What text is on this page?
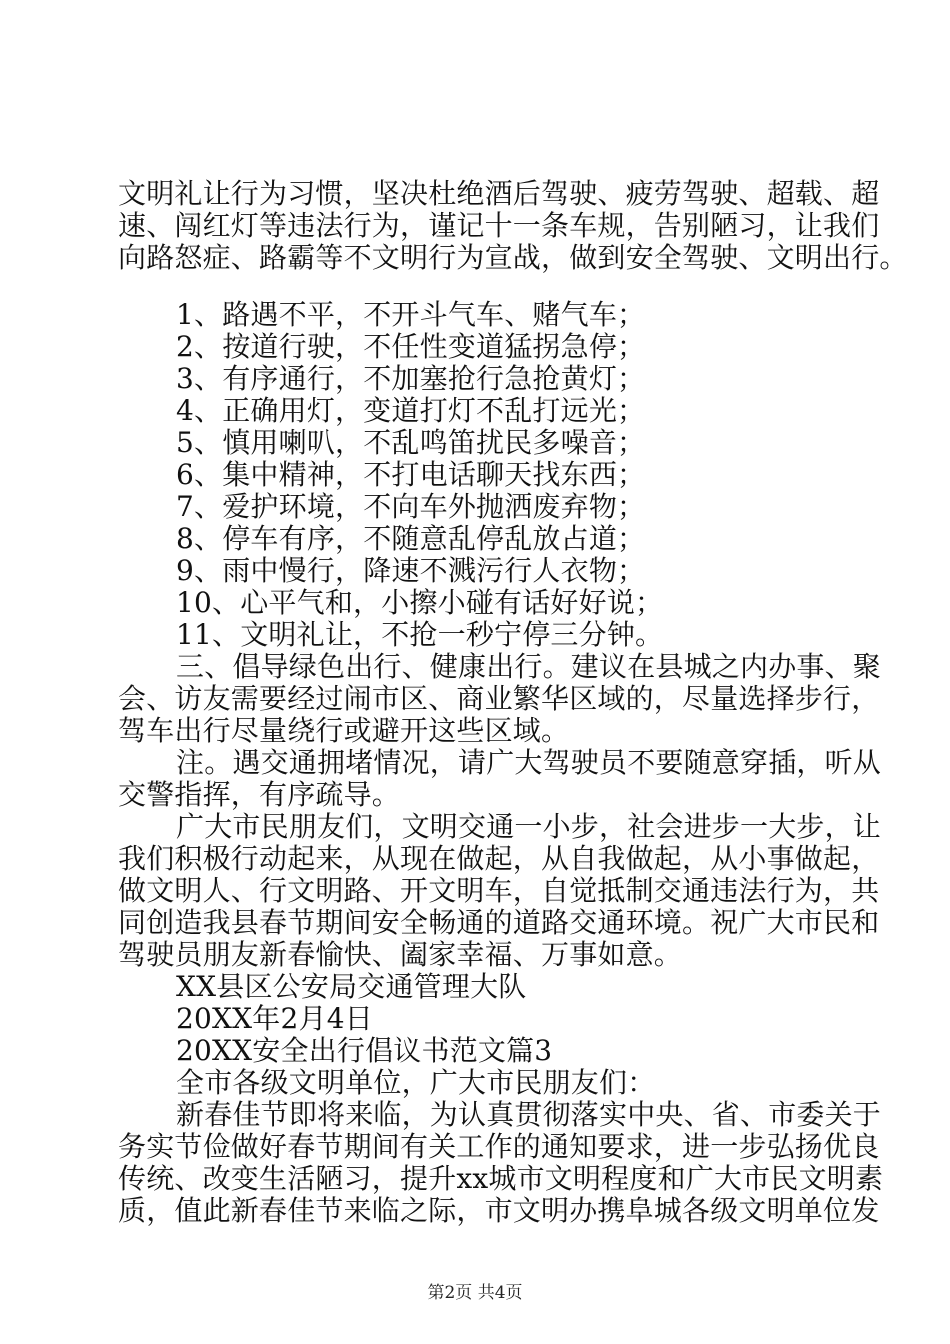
文明礼让行为习惯，坚决杜绝酒后驾驶、疲劳驾驶、超载、超
速、闯红灯等违法行为，谨记十一条车规，告别陋习，让我们
向路怒症、路霸等不文明行为宣战，做到安全驾驶、文明出行。
1、路遇不平，不开斗气车、赌气车；
2、按道行驶，不任性变道猛拐急停；
3、有序通行，不加塞抢行急抢黄灯；
4、正确用灯，变道打灯不乱打远光；
5、慎用喇叭，不乱鸣笛扰民多噪音；
6、集中精神，不打电话聊天找东西；
7、爱护环境，不向车外抛洒废弃物；
8、停车有序，不随意乱停乱放占道；
9、雨中慢行，降速不溅污行人衣物；
10、心平气和，小擦小碰有话好好说；
11、文明礼让，不抢一秒宁停三分钟。
三、倡导绿色出行、健康出行。建议在县城之内办事、聚
会、访友需要经过闹市区、商业繁华区域的，尽量选择步行，
驾车出行尽量绕行或避开这些区域。
注。遇交通拥堵情况，请广大驾驶员不要随意穿插，听从
交警指挥，有序疏导。
广大市民朋友们，文明交通一小步，社会进步一大步，让
我们积极行动起来，从现在做起，从自我做起，从小事做起，
做文明人、行文明路、开文明车，自觉抵制交通违法行为，共
同创造我县春节期间安全畅通的道路交通环境。祝广大市民和
驾驶员朋友新春愉快、阖家幸福、万事如意。
XX县区公安局交通管理大队
20XX年2月4日
20XX安全出行倡议书范文篇3
全市各级文明单位，广大市民朋友们：
新春佳节即将来临，为认真贯彻落实中央、省、市委关于
务实节俭做好春节期间有关工作的通知要求，进一步弘扬优良
传统、改变生活陋习，提升xx城市文明程度和广大市民文明素
质，值此新春佳节来临之际，市文明办携阜城各级文明单位发
第2页 共4页
